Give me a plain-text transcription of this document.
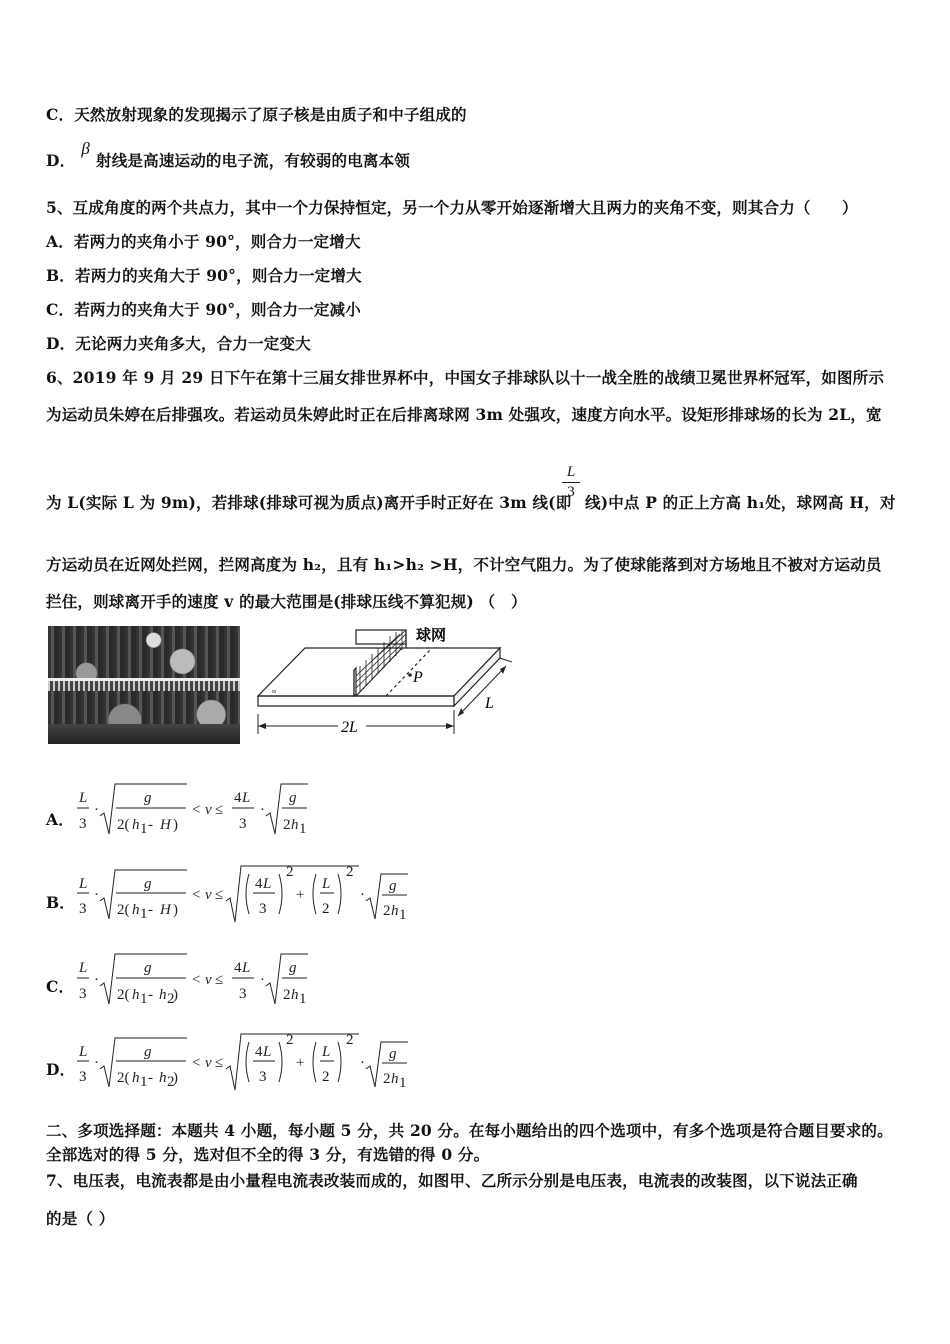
C．天然放射现象的发现揭示了原子核是由质子和中子组成的
D．β射线是高速运动的电子流，有较弱的电离本领
5、互成角度的两个共点力，其中一个力保持恒定，另一个力从零开始逐渐增大且两力的夹角不变，则其合力（　　）
A．若两力的夹角小于 90°，则合力一定增大
B．若两力的夹角大于 90°，则合力一定增大
C．若两力的夹角大于 90°，则合力一定减小
D．无论两力夹角多大，合力一定变大
6、2019 年 9 月 29 日下午在第十三届女排世界杯中，中国女子排球队以十一战全胜的战绩卫冕世界杯冠军，如图所示
为运动员朱婷在后排强攻。若运动员朱婷此时正在后排离球网 3m 处强攻，速度方向水平。设矩形排球场的长为 2L，宽
为 L(实际 L 为 9m)，若排球(排球可视为质点)离开手时正好在 3m 线(即
L
3
线)中点 P 的正上方高 h₁处，球网高 H，对
方运动员在近网处拦网，拦网高度为 h₂，且有 h₁>h₂ >H，不计空气阻力。为了使球能落到对方场地且不被对方运动员
拦住，则球离开手的速度 v 的最大范围是(排球压线不算犯规) （　）
P
球网
≈
2L
L
A．
B．
C．
D．
L
3
·
g
2( h 1 - H )
< v ≤
4 L
3
·
g
2 h 1
L
3
·
g
2( h 1 - H )
< v ≤
4 L
3
2
+
L
2
2
·
g
2 h 1
L
3
·
g
2( h 1 - h 2
)
< v ≤
4 L
3
·
g
2 h 1
L
3
·
g
2( h 1 - h 2
)
< v ≤
4 L
3
2
+
L
2
2
·
g
2 h 1
二、多项选择题：本题共 4 小题，每小题 5 分，共 20 分。在每小题给出的四个选项中，有多个选项是符合题目要求的。
全部选对的得 5 分，选对但不全的得 3 分，有选错的得 0 分。
7、电压表，电流表都是由小量程电流表改装而成的，如图甲、乙所示分别是电压表，电流表的改装图，以下说法正确
的是（ ）
